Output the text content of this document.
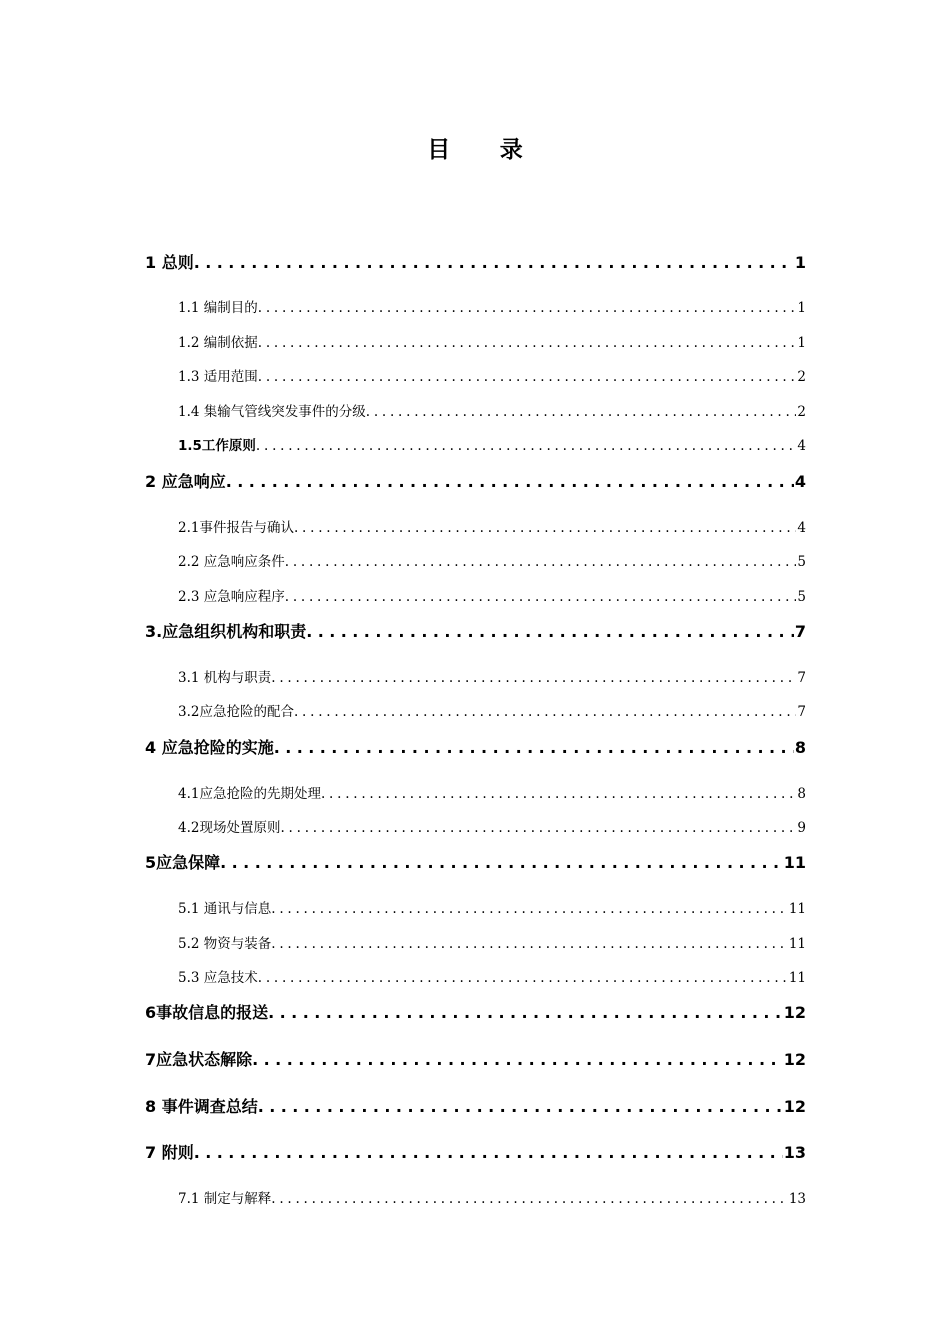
目 录
1 总则 .....	1
1.1 编制目的 .....	1
1.2 编制依据 .....	1
1.3 适用范围 .....	2
1.4 集输气管线突发事件的分级 .....	2
1.5工作原则 .....	4
2 应急响应 .....	4
2.1事件报告与确认 .....	4
2.2 应急响应条件 .....	5
2.3 应急响应程序 .....	5
3.应急组织机构和职责 .....	7
3.1 机构与职责 .....	7
3.2应急抢险的配合 .....	7
4 应急抢险的实施 .....	8
4.1应急抢险的先期处理 .....	8
4.2现场处置原则 .....	9
5应急保障 .....	11
5.1 通讯与信息 .....	11
5.2 物资与装备 .....	11
5.3 应急技术 .....	11
6事故信息的报送 .....	12
7应急状态解除 .....	12
8 事件调查总结 .....	12
7 附则 .....	13
7.1 制定与解释 .....	13
